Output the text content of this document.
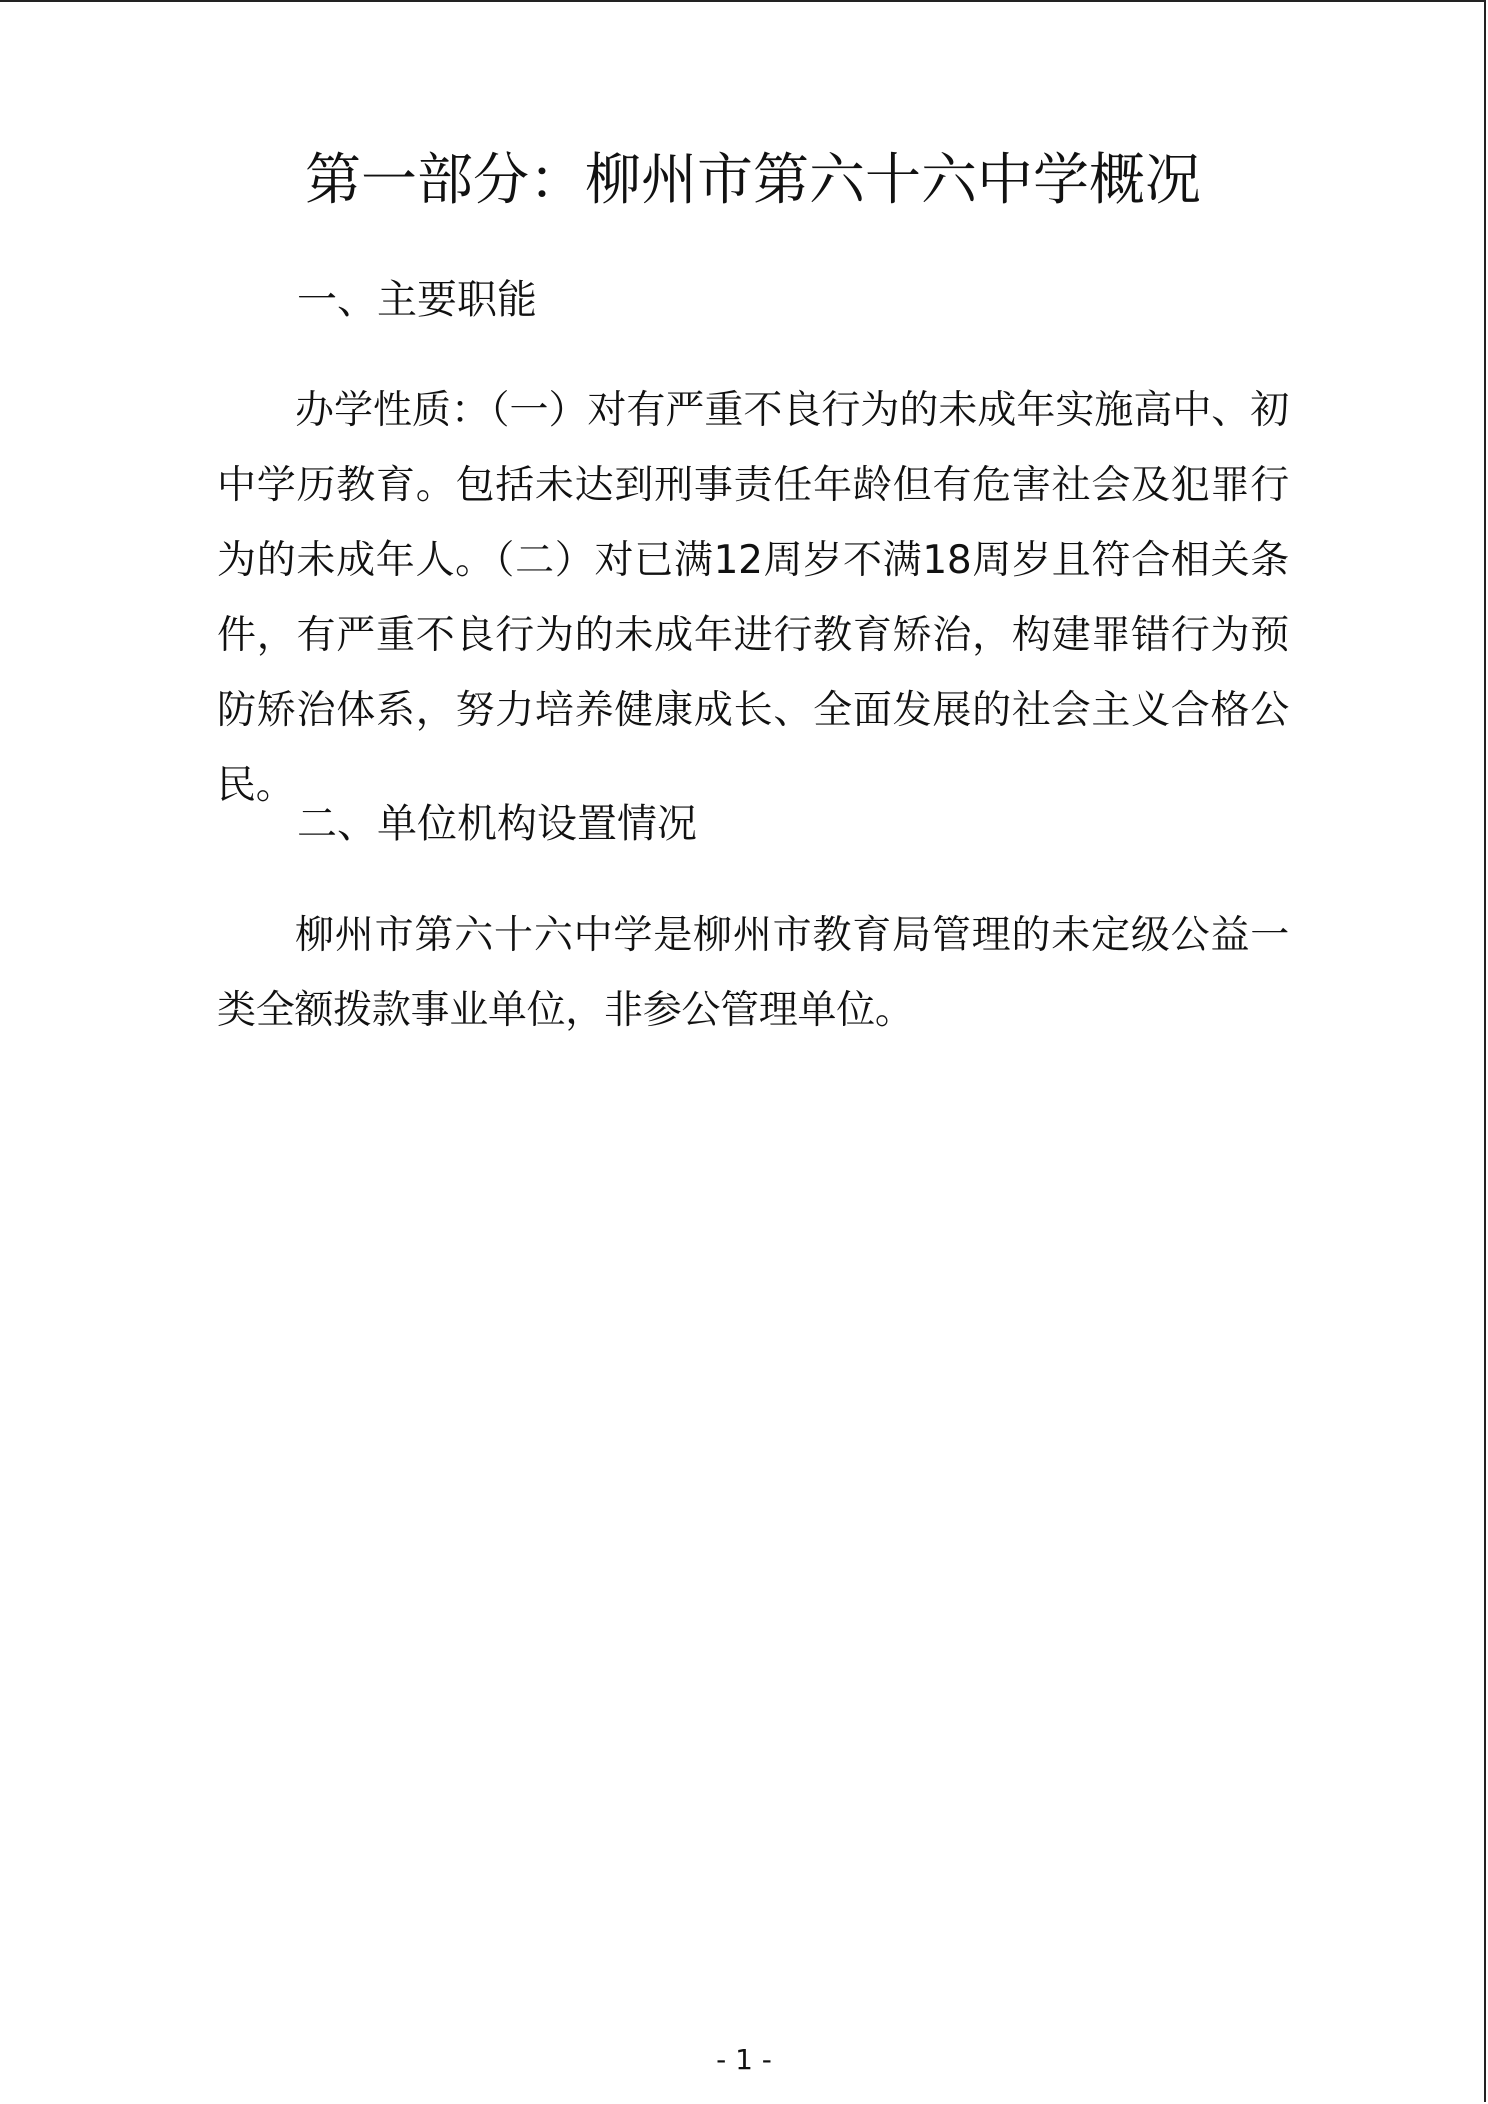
第一部分：柳州市第六十六中学概况
一、主要职能

办学性质：（一）对有严重不良行为的未成年实施高中、初中学历教育。包括未达到刑事责任年龄但有危害社会及犯罪行为的未成年人。（二）对已满12周岁不满18周岁且符合相关条件，有严重不良行为的未成年进行教育矫治，构建罪错行为预防矫治体系，努力培养健康成长、全面发展的社会主义合格公民。

二、单位机构设置情况

柳州市第六十六中学是柳州市教育局管理的未定级公益一类全额拨款事业单位，非参公管理单位。

- 1 -
